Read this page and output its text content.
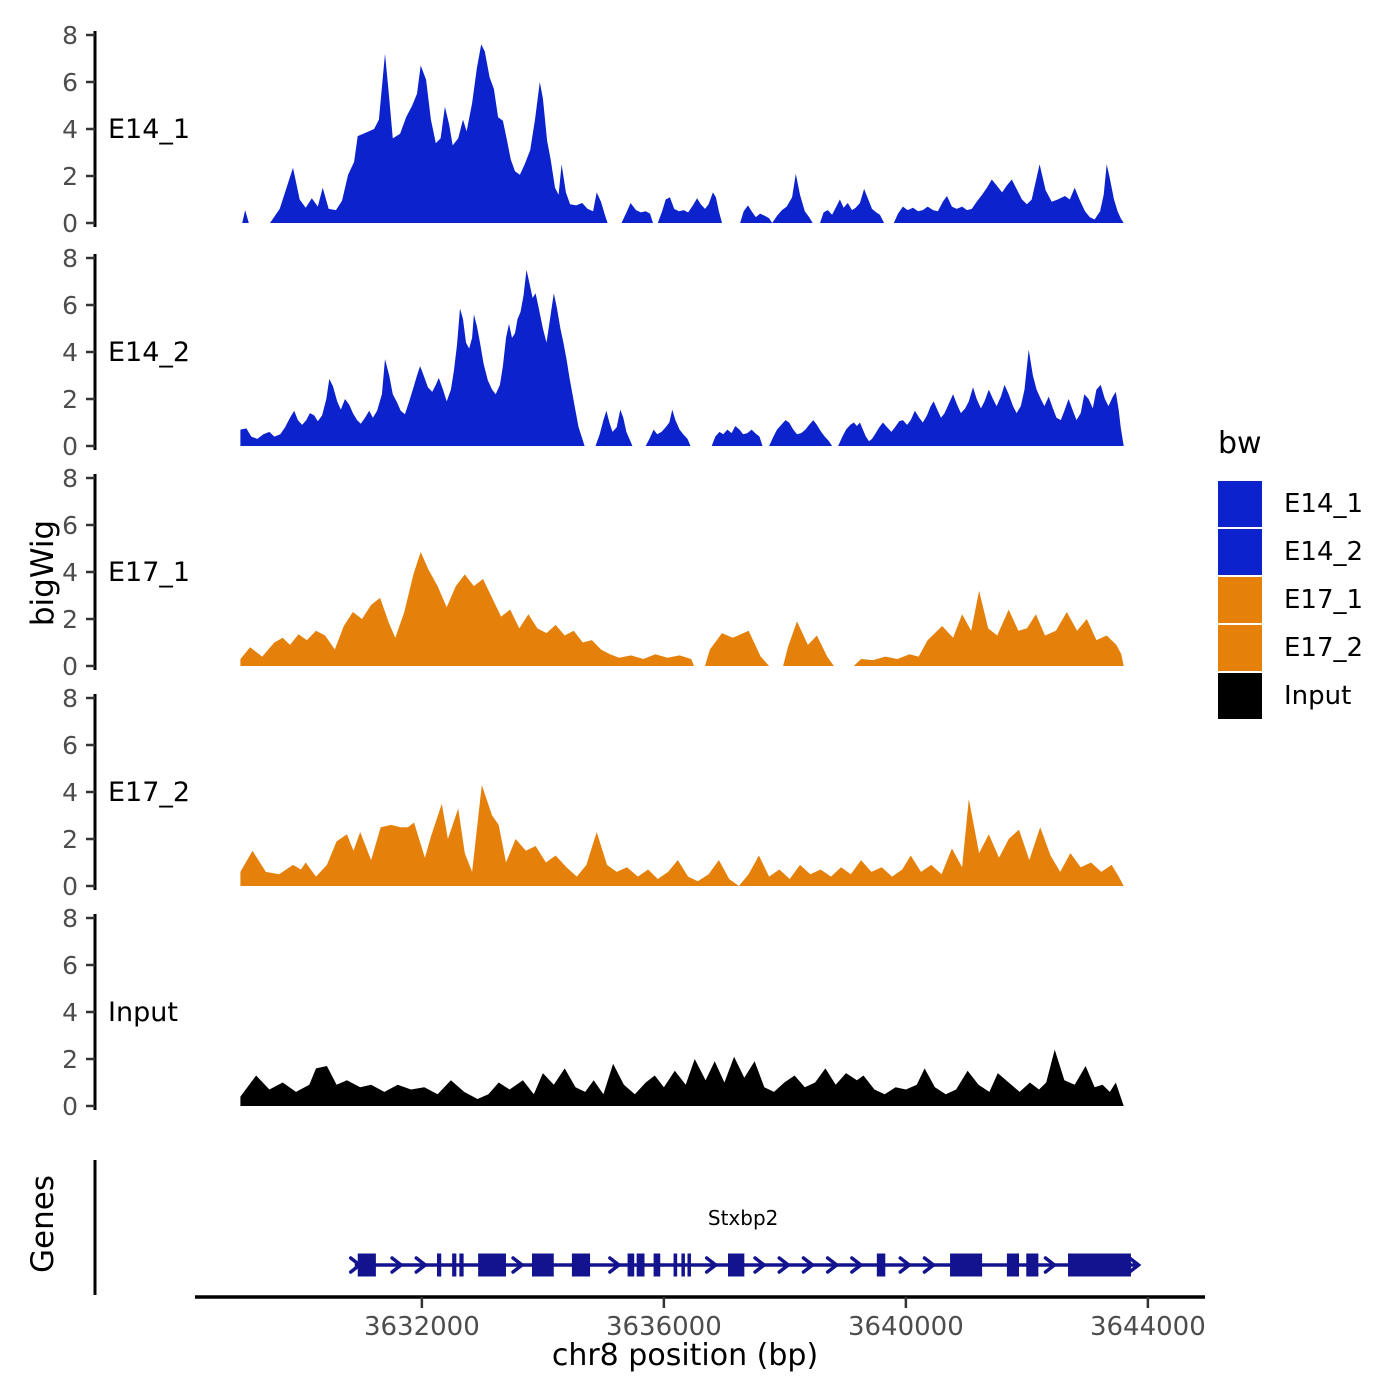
0
2
4
6
8
E14_1
0
2
4
6
8
E14_2
0
2
4
6
8
E17_1
0
2
4
6
8
E17_2
0
2
4
6
8
Input
Stxbp2
3632000	3636000	3640000	3644000
bigWig
Genes
chr8 position (bp)
bw
E14_1
E14_2
E17_1
E17_2
Input
